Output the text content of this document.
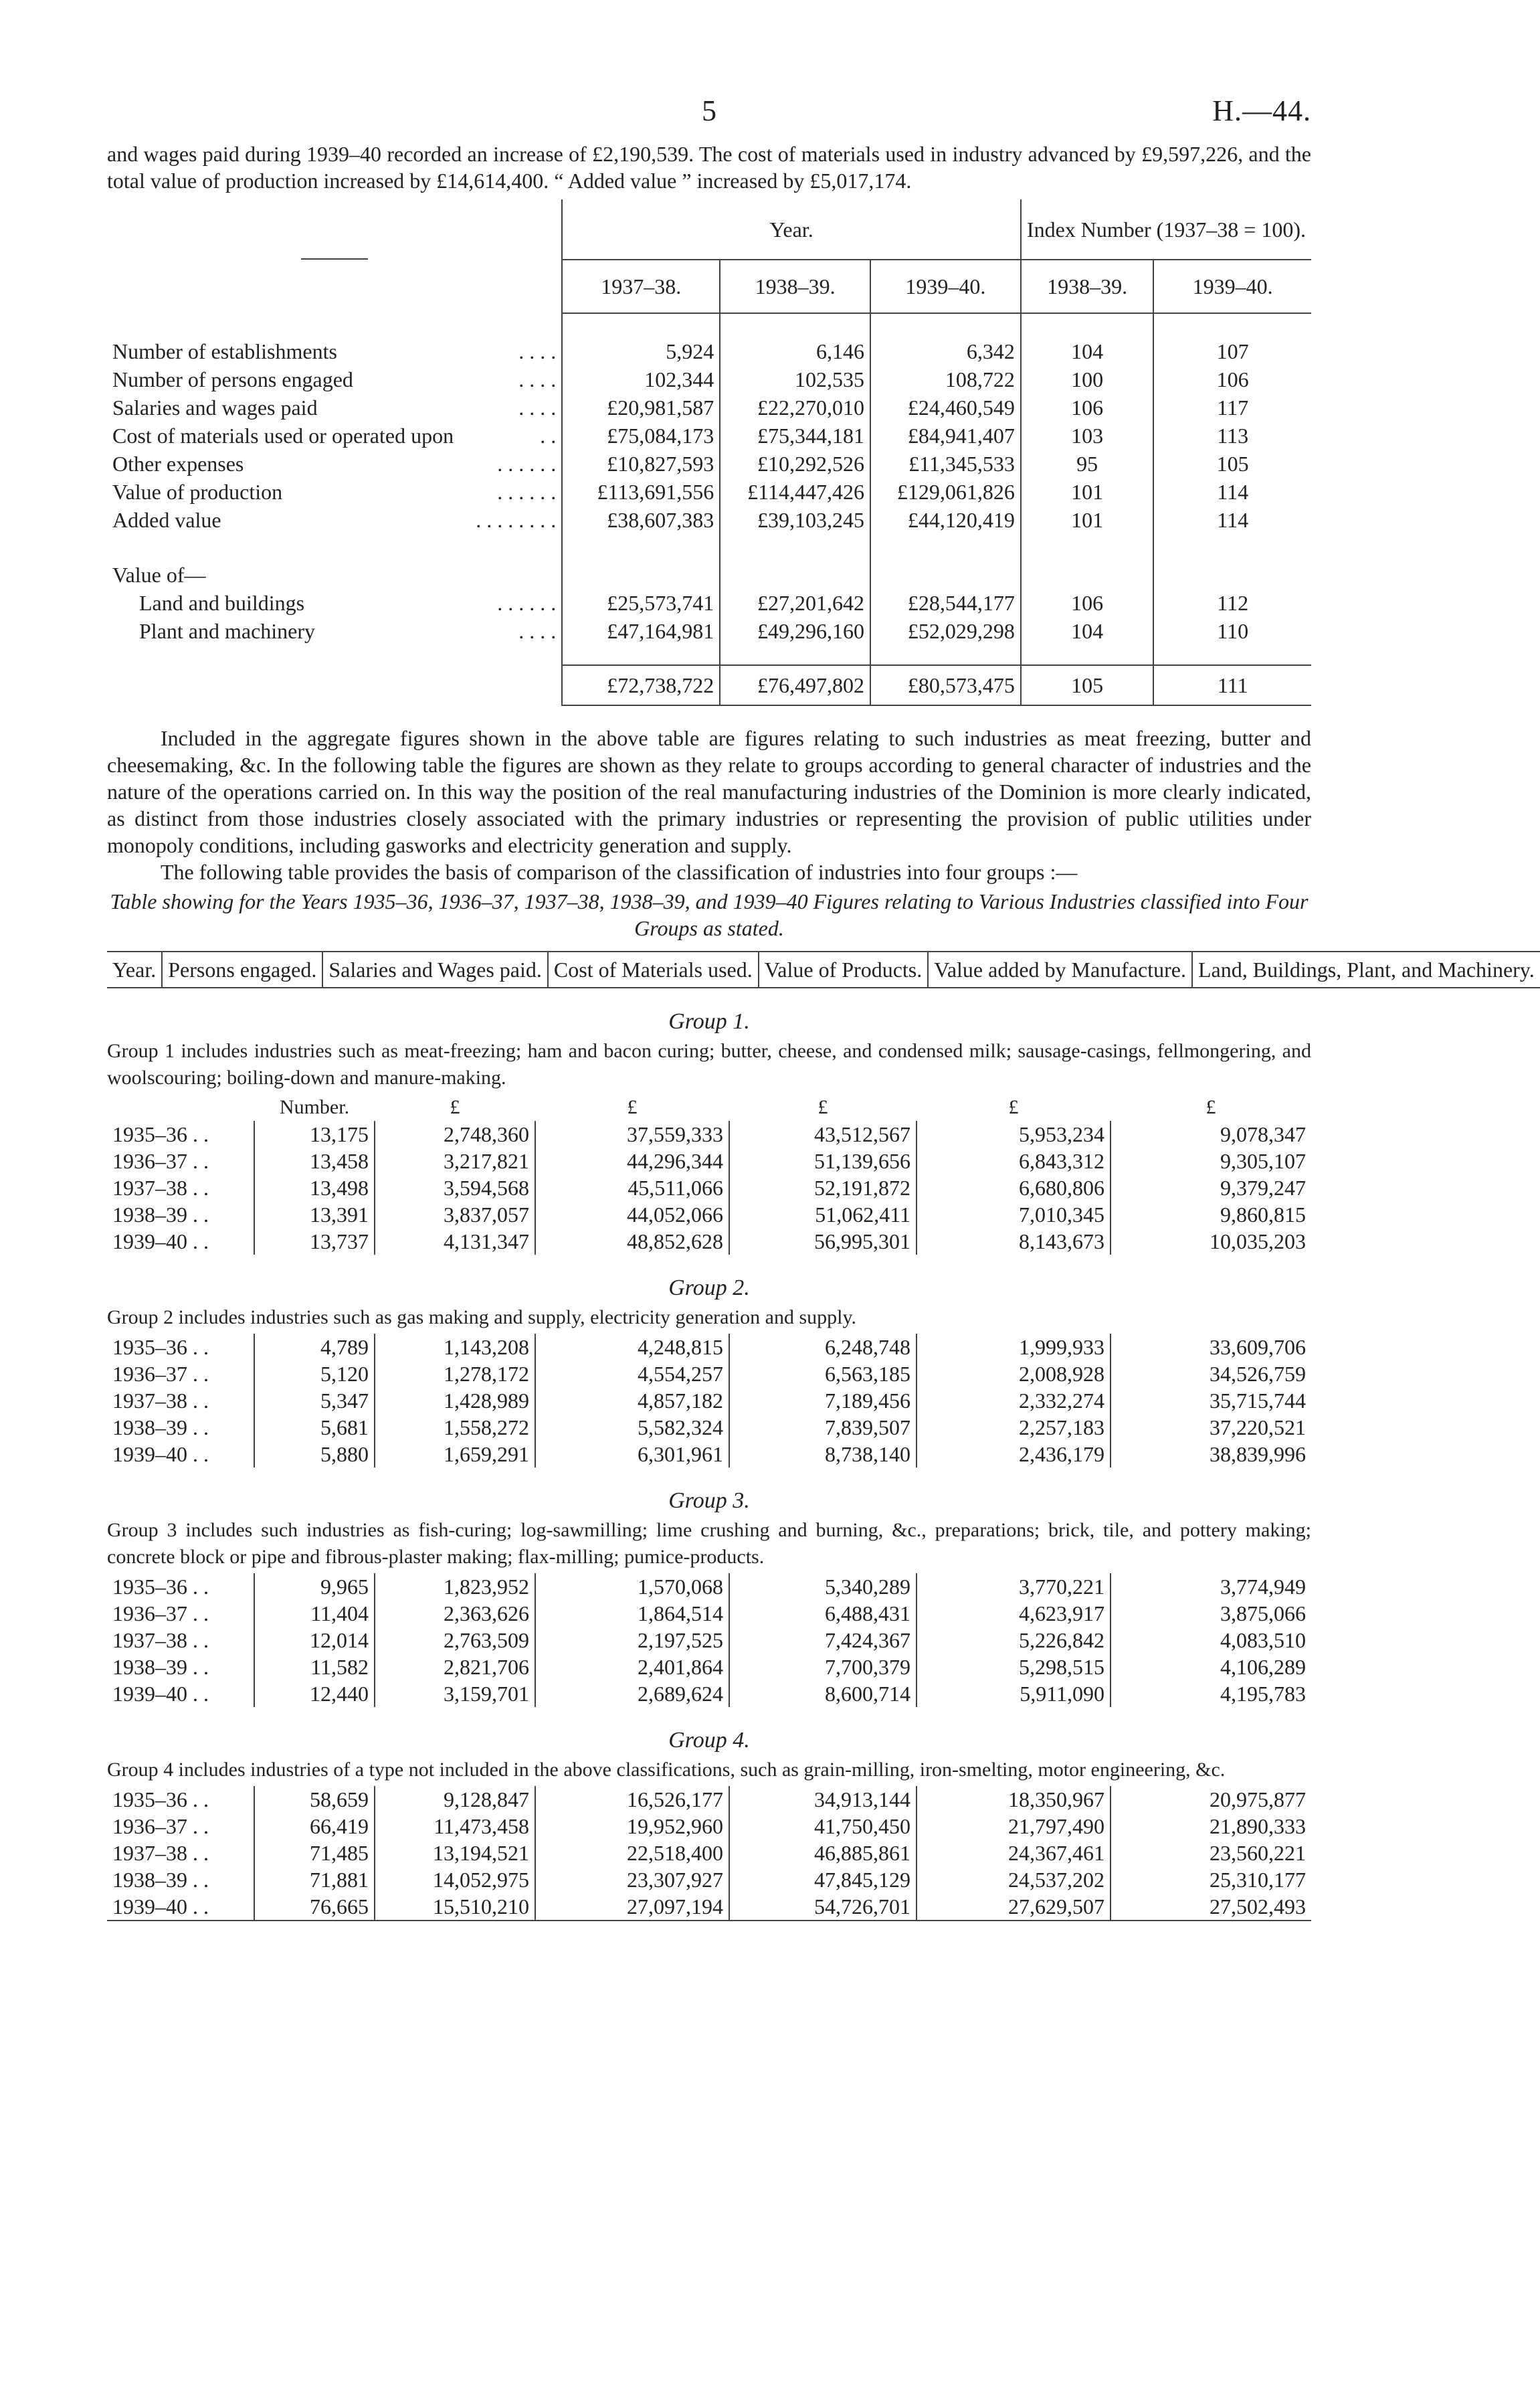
5	H.—44.

and wages paid during 1939–40 recorded an increase of £2,190,539. The cost of materials used in industry advanced by £9,597,226, and the total value of production increased by £14,614,400. “ Added value ” increased by £5,017,174.

	Year.			Index Number (1937–38 = 100).	
	1937–38.	1938–39.	1939–40.	1938–39.	1939–40.

Number of establishments . . . .	5,924	6,146	6,342	104	107
Number of persons engaged . . . .	102,344	102,535	108,722	100	106
Salaries and wages paid . . . .	£20,981,587	£22,270,010	£24,460,549	106	117
Cost of materials used or operated upon . .	£75,084,173	£75,344,181	£84,941,407	103	113
Other expenses . . . . . .	£10,827,593	£10,292,526	£11,345,533	95	105
Value of production . . . . . .	£113,691,556	£114,447,426	£129,061,826	101	114
Added value . . . . . . . .	£38,607,383	£39,103,245	£44,120,419	101	114

Value of—					
Land and buildings . . . . . .	£25,573,741	£27,201,642	£28,544,177	106	112
Plant and machinery . . . .	£47,164,981	£49,296,160	£52,029,298	104	110

	£72,738,722	£76,497,802	£80,573,475	105	111

Included in the aggregate figures shown in the above table are figures relating to such industries as meat freezing, butter and cheesemaking, &c. In the following table the figures are shown as they relate to groups according to general character of industries and the nature of the operations carried on. In this way the position of the real manufacturing industries of the Dominion is more clearly indicated, as distinct from those industries closely associated with the primary industries or representing the provision of public utilities under monopoly conditions, including gasworks and electricity generation and supply.

The following table provides the basis of comparison of the classification of industries into four groups :—

Table showing for the Years 1935–36, 1936–37, 1937–38, 1938–39, and 1939–40 Figures relating to Various Industries classified into Four Groups as stated.

Year.	Persons engaged.	Salaries and Wages paid.	Cost of Materials used.	Value of Products.	Value added by Manufacture.	Land, Buildings, Plant, and Machinery.
Group 1.						
Group 1 includes industries such as meat-freezing; ham and bacon curing; butter, cheese, and condensed milk; sausage-casings, fellmongering, and woolscouring; boiling-down and manure-making.						
	Number.	£	£	£	£	£
1935–36 . .	13,175	2,748,360	37,559,333	43,512,567	5,953,234	9,078,347
1936–37 . .	13,458	3,217,821	44,296,344	51,139,656	6,843,312	9,305,107
1937–38 . .	13,498	3,594,568	45,511,066	52,191,872	6,680,806	9,379,247
1938–39 . .	13,391	3,837,057	44,052,066	51,062,411	7,010,345	9,860,815
1939–40 . .	13,737	4,131,347	48,852,628	56,995,301	8,143,673	10,035,203
Group 2.						
Group 2 includes industries such as gas making and supply, electricity generation and supply.						
1935–36 . .	4,789	1,143,208	4,248,815	6,248,748	1,999,933	33,609,706
1936–37 . .	5,120	1,278,172	4,554,257	6,563,185	2,008,928	34,526,759
1937–38 . .	5,347	1,428,989	4,857,182	7,189,456	2,332,274	35,715,744
1938–39 . .	5,681	1,558,272	5,582,324	7,839,507	2,257,183	37,220,521
1939–40 . .	5,880	1,659,291	6,301,961	8,738,140	2,436,179	38,839,996
Group 3.						
Group 3 includes such industries as fish-curing; log-sawmilling; lime crushing and burning, &c., preparations; brick, tile, and pottery making; concrete block or pipe and fibrous-plaster making; flax-milling; pumice-products.						
1935–36 . .	9,965	1,823,952	1,570,068	5,340,289	3,770,221	3,774,949
1936–37 . .	11,404	2,363,626	1,864,514	6,488,431	4,623,917	3,875,066
1937–38 . .	12,014	2,763,509	2,197,525	7,424,367	5,226,842	4,083,510
1938–39 . .	11,582	2,821,706	2,401,864	7,700,379	5,298,515	4,106,289
1939–40 . .	12,440	3,159,701	2,689,624	8,600,714	5,911,090	4,195,783
Group 4.						
Group 4 includes industries of a type not included in the above classifications, such as grain-milling, iron-smelting, motor engineering, &c.						
1935–36 . .	58,659	9,128,847	16,526,177	34,913,144	18,350,967	20,975,877
1936–37 . .	66,419	11,473,458	19,952,960	41,750,450	21,797,490	21,890,333
1937–38 . .	71,485	13,194,521	22,518,400	46,885,861	24,367,461	23,560,221
1938–39 . .	71,881	14,052,975	23,307,927	47,845,129	24,537,202	25,310,177
1939–40 . .	76,665	15,510,210	27,097,194	54,726,701	27,629,507	27,502,493
